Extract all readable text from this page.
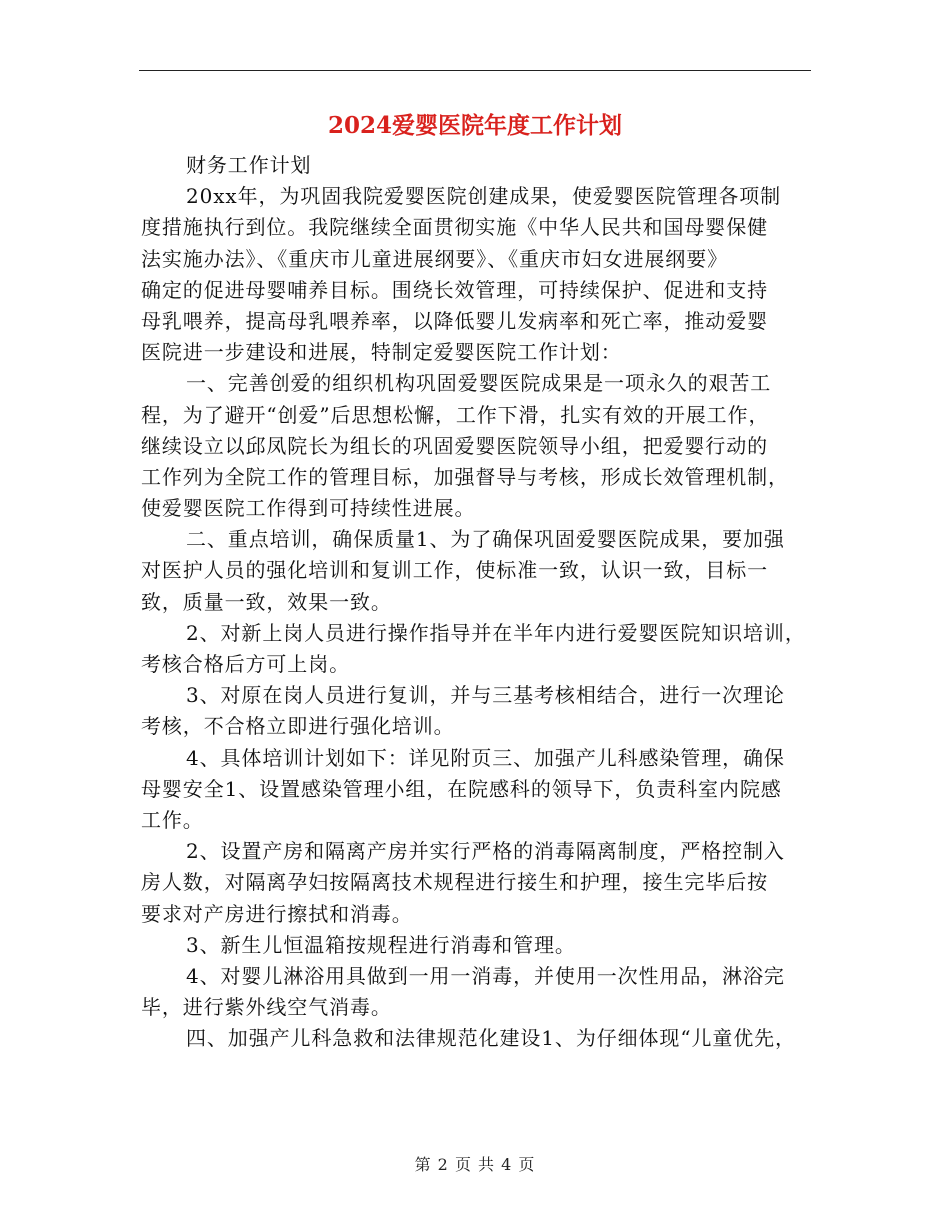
2024爱婴医院年度工作计划
财务工作计划
20xx年，为巩固我院爱婴医院创建成果，使爱婴医院管理各项制
度措施执行到位。我院继续全面贯彻实施《中华人民共和国母婴保健
法实施办法》、《重庆市儿童进展纲要》、《重庆市妇女进展纲要》
确定的促进母婴哺养目标。围绕长效管理，可持续保护、促进和支持
母乳喂养，提高母乳喂养率，以降低婴儿发病率和死亡率，推动爱婴
医院进一步建设和进展，特制定爱婴医院工作计划：
一、完善创爱的组织机构巩固爱婴医院成果是一项永久的艰苦工
程，为了避开“创爱”后思想松懈，工作下滑，扎实有效的开展工作，
继续设立以邱凤院长为组长的巩固爱婴医院领导小组，把爱婴行动的
工作列为全院工作的管理目标，加强督导与考核，形成长效管理机制，
使爱婴医院工作得到可持续性进展。
二、重点培训，确保质量1、为了确保巩固爱婴医院成果，要加强
对医护人员的强化培训和复训工作，使标准一致，认识一致，目标一
致，质量一致，效果一致。
2、对新上岗人员进行操作指导并在半年内进行爱婴医院知识培训，
考核合格后方可上岗。
3、对原在岗人员进行复训，并与三基考核相结合，进行一次理论
考核，不合格立即进行强化培训。
4、具体培训计划如下：详见附页三、加强产儿科感染管理，确保
母婴安全1、设置感染管理小组，在院感科的领导下，负责科室内院感
工作。
2、设置产房和隔离产房并实行严格的消毒隔离制度，严格控制入
房人数，对隔离孕妇按隔离技术规程进行接生和护理，接生完毕后按
要求对产房进行擦拭和消毒。
3、新生儿恒温箱按规程进行消毒和管理。
4、对婴儿淋浴用具做到一用一消毒，并使用一次性用品，淋浴完
毕，进行紫外线空气消毒。
四、加强产儿科急救和法律规范化建设1、为仔细体现“儿童优先，
第 2 页 共 4 页
